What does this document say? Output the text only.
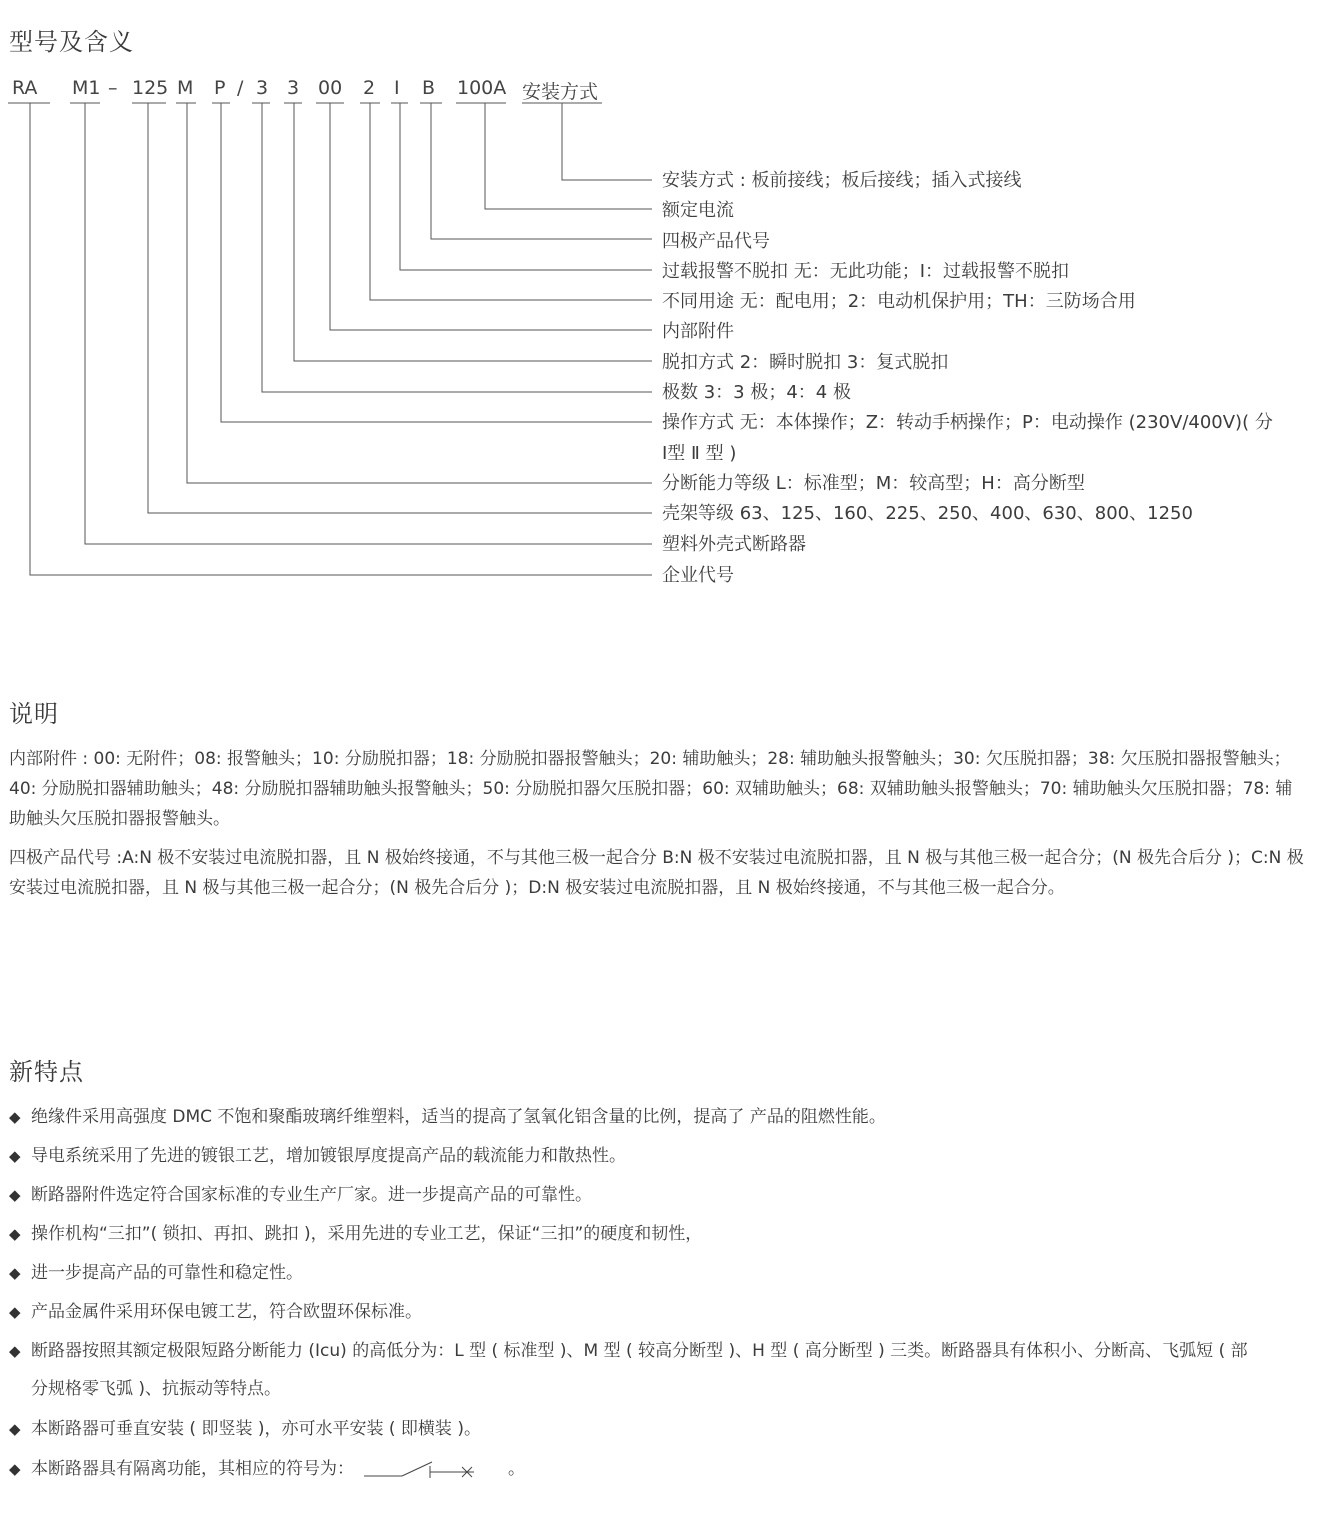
型号及含义
RA M1 – 125 M P / 3 3 00 2 Ⅰ B 100A 安装方式
安装方式 : 板前接线；板后接线；插入式接线
额定电流
四极产品代号
过载报警不脱扣 无：无此功能；Ⅰ：过载报警不脱扣
不同用途 无：配电用；2：电动机保护用；TH：三防场合用
内部附件
脱扣方式 2：瞬时脱扣 3：复式脱扣
极数 3：3 极；4：4 极
操作方式 无：本体操作；Z：转动手柄操作；P：电动操作 (230V/400V)( 分
Ⅰ型 Ⅱ 型 )
分断能力等级 L：标准型；M：较高型；H：高分断型
壳架等级 63、125、160、225、250、400、630、800、1250
塑料外壳式断路器
企业代号
说明
内部附件 : 00: 无附件；08: 报警触头；10: 分励脱扣器；18: 分励脱扣器报警触头；20: 辅助触头；28: 辅助触头报警触头；30: 欠压脱扣器；38: 欠压脱扣器报警触头；40: 分励脱扣器辅助触头；48: 分励脱扣器辅助触头报警触头；50: 分励脱扣器欠压脱扣器；60: 双辅助触头；68: 双辅助触头报警触头；70: 辅助触头欠压脱扣器；78: 辅助触头欠压脱扣器报警触头。
四极产品代号 :A:N 极不安装过电流脱扣器，且 N 极始终接通，不与其他三极一起合分 B:N 极不安装过电流脱扣器，且 N 极与其他三极一起合分；(N 极先合后分 )；C:N 极安装过电流脱扣器，且 N 极与其他三极一起合分；(N 极先合后分 )；D:N 极安装过电流脱扣器，且 N 极始终接通，不与其他三极一起合分。
新特点
◆ 绝缘件采用高强度 DMC 不饱和聚酯玻璃纤维塑料，适当的提高了氢氧化铝含量的比例，提高了 产品的阻燃性能。
◆ 导电系统采用了先进的镀银工艺，增加镀银厚度提高产品的载流能力和散热性。
◆ 断路器附件选定符合国家标准的专业生产厂家。进一步提高产品的可靠性。
◆ 操作机构“三扣”( 锁扣、再扣、跳扣 )，采用先进的专业工艺，保证“三扣”的硬度和韧性，
◆ 进一步提高产品的可靠性和稳定性。
◆ 产品金属件采用环保电镀工艺，符合欧盟环保标准。
◆ 断路器按照其额定极限短路分断能力 (Icu) 的高低分为：L 型 ( 标准型 )、M 型 ( 较高分断型 )、H 型 ( 高分断型 ) 三类。断路器具有体积小、分断高、飞弧短 ( 部
分规格零飞弧 )、抗振动等特点。
◆ 本断路器可垂直安装 ( 即竖装 )，亦可水平安装 ( 即横装 )。
◆ 本断路器具有隔离功能，其相应的符号为：	。
